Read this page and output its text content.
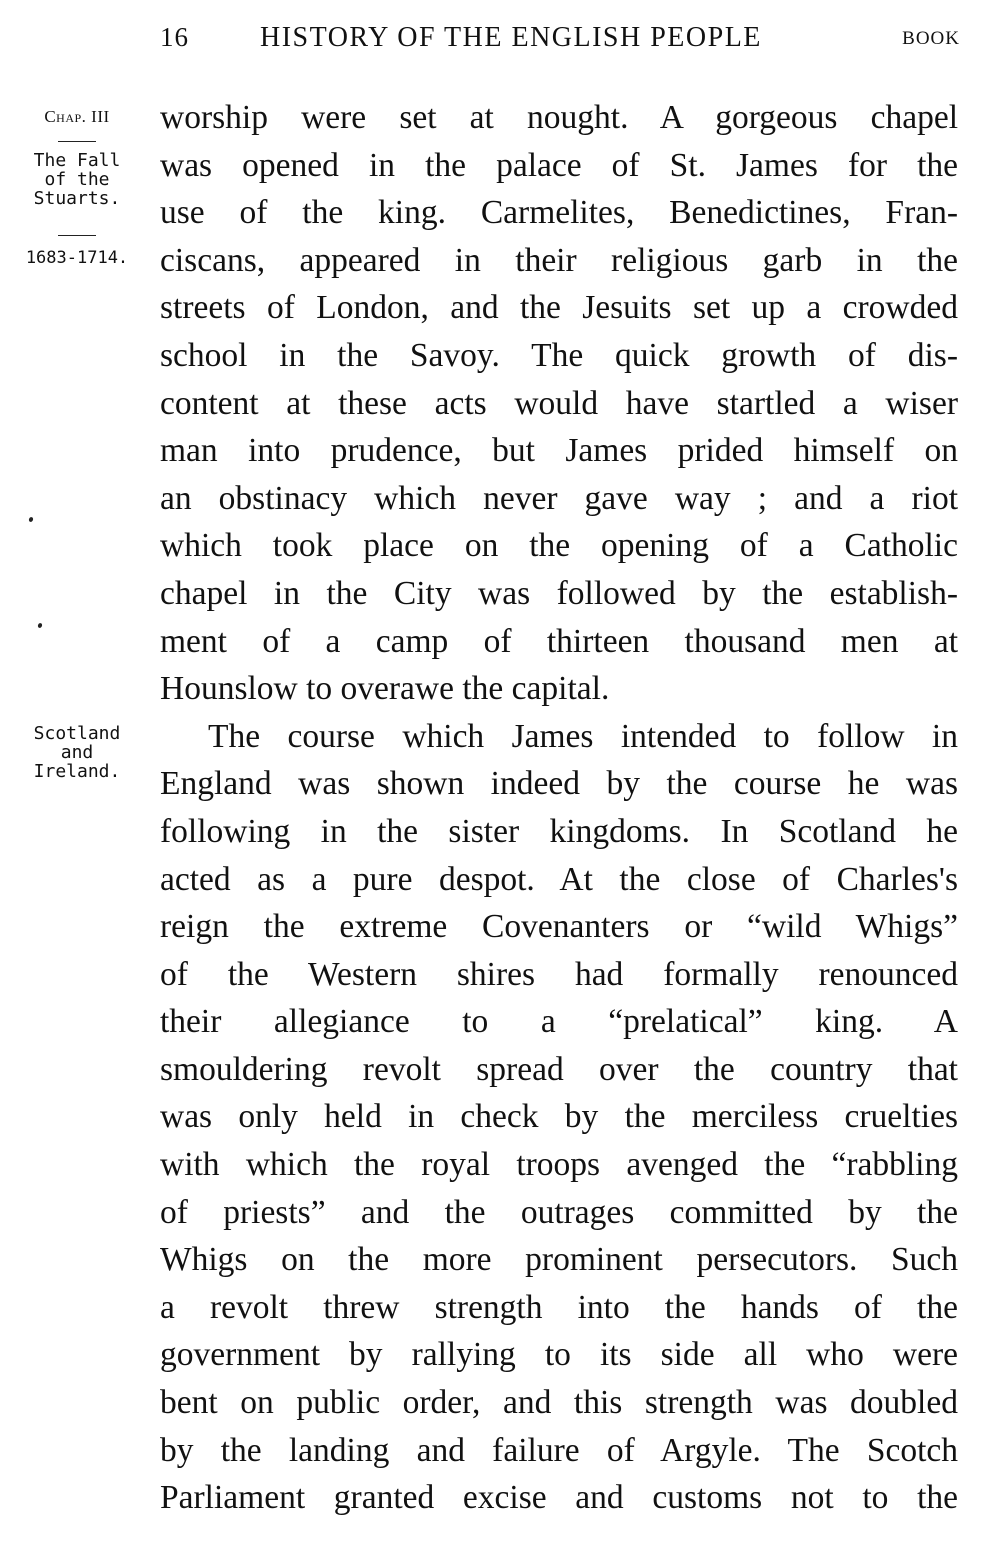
16	HISTORY OF THE ENGLISH PEOPLE	BOOK
Chap. III
The Fall
of the
Stuarts.
1683-1714.
Scotland
and
Ireland.
worship were set at nought. A gorgeous chapel
was opened in the palace of St. James for the
use of the king. Carmelites, Benedictines, Fran-
ciscans, appeared in their religious garb in the
streets of London, and the Jesuits set up a crowded
school in the Savoy. The quick growth of dis-
content at these acts would have startled a wiser
man into prudence, but James prided himself on
an obstinacy which never gave way ; and a riot
which took place on the opening of a Catholic
chapel in the City was followed by the establish-
ment of a camp of thirteen thousand men at
Hounslow to overawe the capital.
The course which James intended to follow in
England was shown indeed by the course he was
following in the sister kingdoms. In Scotland he
acted as a pure despot. At the close of Charles's
reign the extreme Covenanters or “wild Whigs”
of the Western shires had formally renounced
their allegiance to a “prelatical” king. A
smouldering revolt spread over the country that
was only held in check by the merciless cruelties
with which the royal troops avenged the “rabbling
of priests” and the outrages committed by the
Whigs on the more prominent persecutors. Such
a revolt threw strength into the hands of the
government by rallying to its side all who were
bent on public order, and this strength was doubled
by the landing and failure of Argyle. The Scotch
Parliament granted excise and customs not to the
